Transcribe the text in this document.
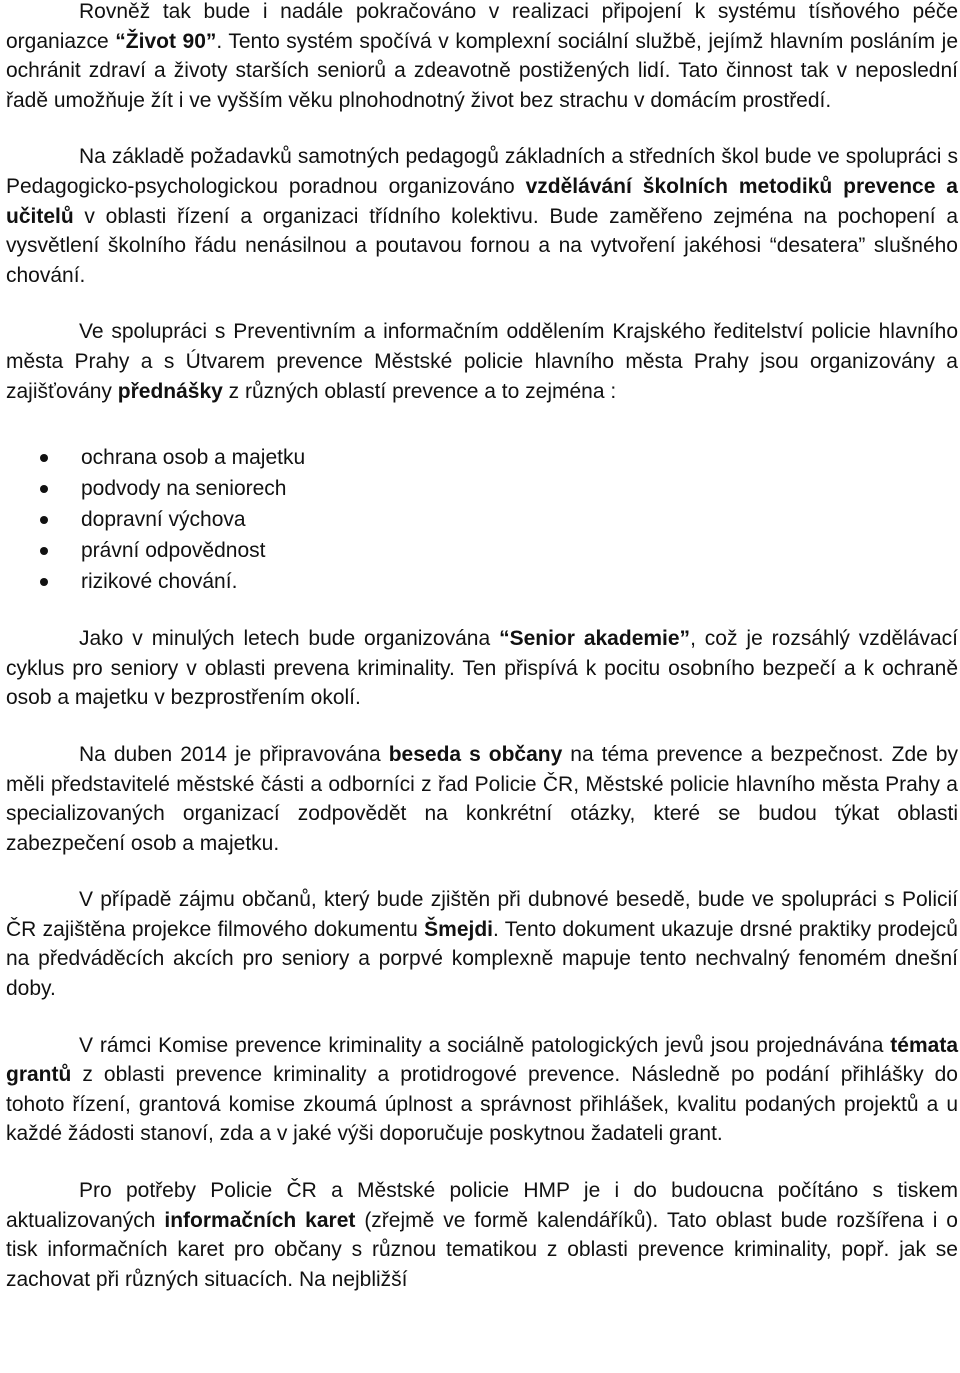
Rovněž tak bude i nadále pokračováno v realizaci připojení k systému tísňového péče organiazce “Život 90”. Tento systém spočívá v komplexní sociální službě, jejímž hlavním posláním je ochránit zdraví a životy starších seniorů a zdeavotně postižených lidí. Tato činnost tak v neposlední řadě umožňuje žít i ve vyšším věku plnohodnotný život bez strachu v domácím prostředí.

Na základě požadavků samotných pedagogů základních a středních škol bude ve spolupráci s Pedagogicko-psychologickou poradnou organizováno vzdělávání školních metodiků prevence a učitelů v oblasti řízení a organizaci třídního kolektivu. Bude zaměřeno zejména na pochopení a vysvětlení školního řádu nenásilnou a poutavou fornou a na vytvoření jakéhosi “desatera” slušného chování.

Ve spolupráci s Preventivním a informačním oddělením Krajského ředitelství policie hlavního města Prahy a s Útvarem prevence Městské policie hlavního města Prahy jsou organizovány a zajišťovány přednášky z různých oblastí prevence a to zejména :

ochrana osob a majetku
podvody na seniorech
dopravní výchova
právní odpovědnost
rizikové chování.

Jako v minulých letech bude organizována “Senior akademie”, což je rozsáhlý vzdělávací cyklus pro seniory v oblasti prevena kriminality. Ten přispívá k pocitu osobního bezpečí a k ochraně osob a majetku v bezprostřením okolí.

Na duben 2014 je připravována beseda s občany na téma prevence a bezpečnost. Zde by měli představitelé městské části a odborníci z řad Policie ČR, Městské policie hlavního města Prahy a specializovaných organizací zodpovědět na konkrétní otázky, které se budou týkat oblasti zabezpečení osob a majetku.

V případě zájmu občanů, který bude zjištěn při dubnové besedě, bude ve spolupráci s Policií ČR zajištěna projekce filmového dokumentu Šmejdi. Tento dokument ukazuje drsné praktiky prodejců na předváděcích akcích pro seniory a porpvé komplexně mapuje tento nechvalný fenomém dnešní doby.

V rámci Komise prevence kriminality a sociálně patologických jevů jsou projednávána témata grantů z oblasti prevence kriminality a protidrogové prevence. Následně po podání přihlášky do tohoto řízení, grantová komise zkoumá úplnost a správnost přihlášek, kvalitu podaných projektů a u každé žádosti stanoví, zda a v jaké výši doporučuje poskytnou žadateli grant.

Pro potřeby Policie ČR a Městské policie HMP je i do budoucna počítáno s tiskem aktualizovaných informačních karet (zřejmě ve formě kalendáříků). Tato oblast bude rozšířena i o tisk informačních karet pro občany s různou tematikou z oblasti prevence kriminality, popř. jak se zachovat při různých situacích. Na nejbližší
